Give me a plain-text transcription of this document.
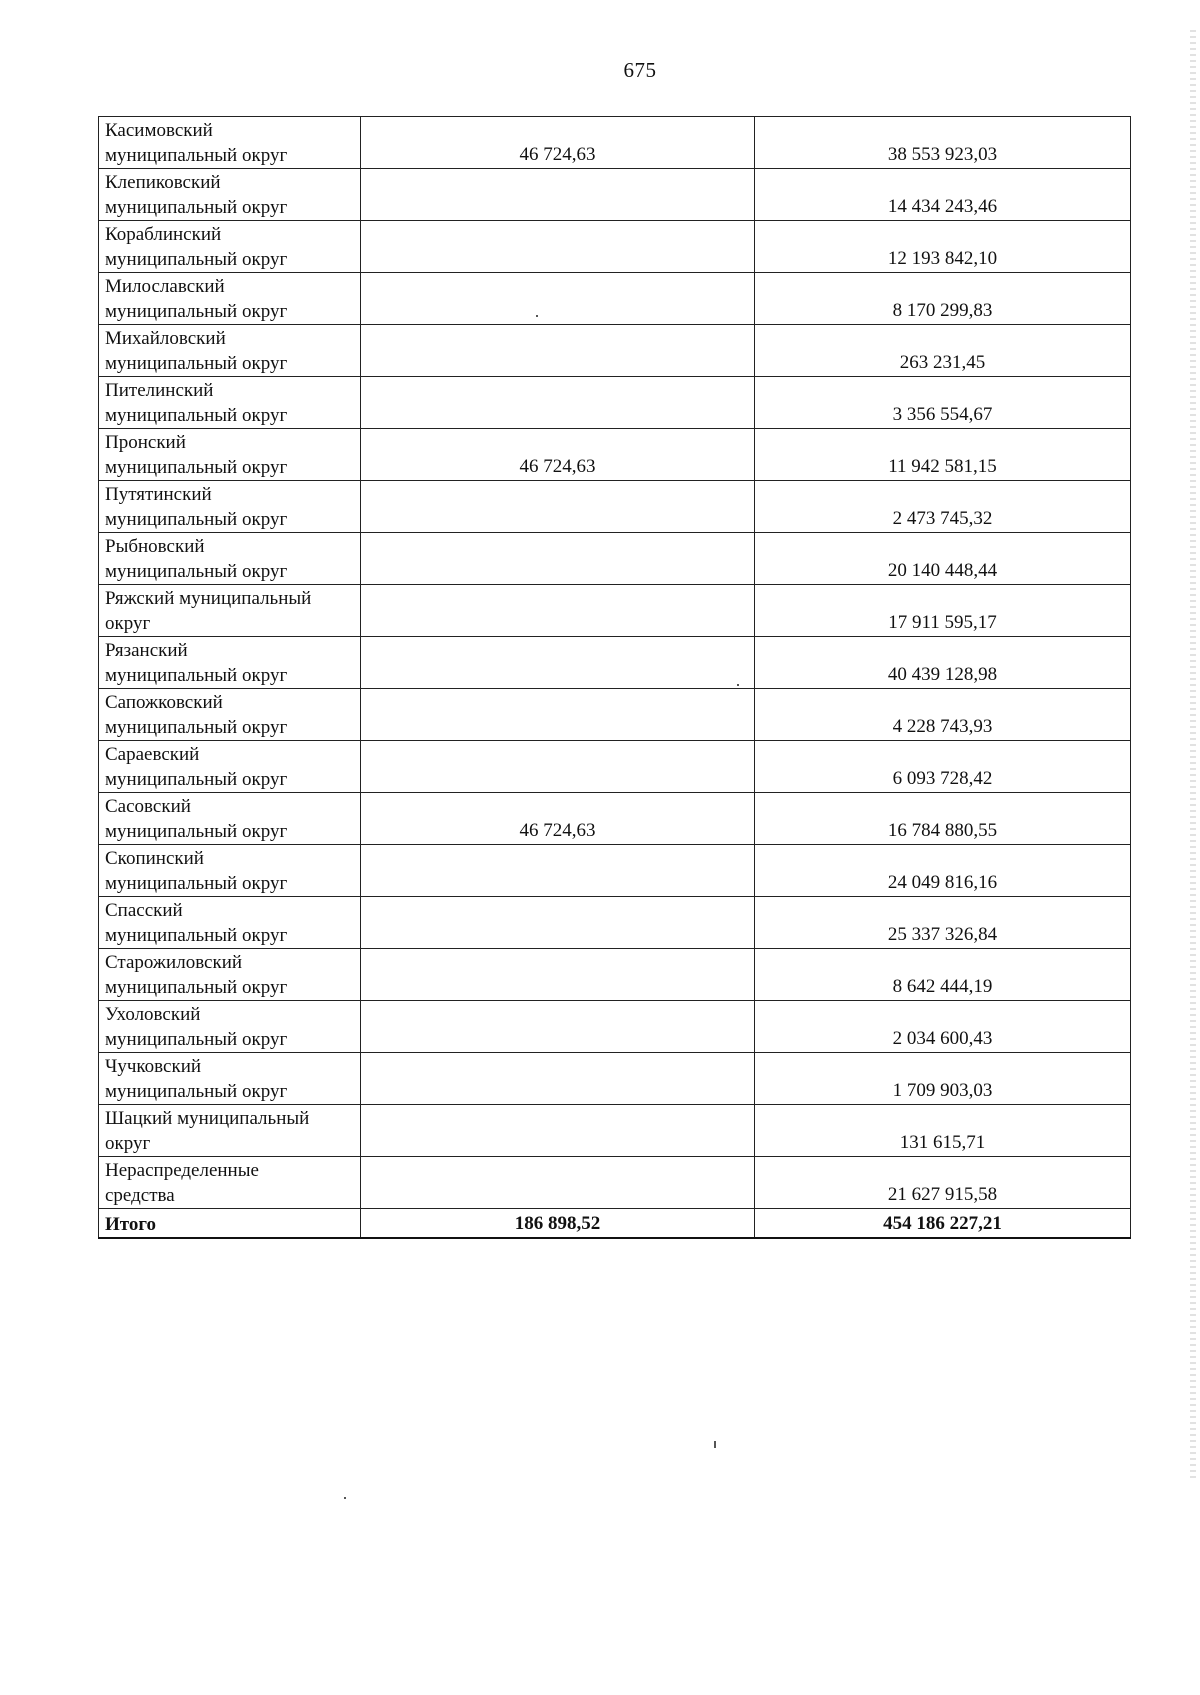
675
Касимовский
муниципальный округ	46 724,63	38 553 923,03

Клепиковский
муниципальный округ		14 434 243,46

Кораблинский
муниципальный округ		12 193 842,10

Милославский
муниципальный округ		8 170 299,83

Михайловский
муниципальный округ		263 231,45

Пителинский
муниципальный округ		3 356 554,67

Пронский
муниципальный округ	46 724,63	11 942 581,15

Путятинский
муниципальный округ		2 473 745,32

Рыбновский
муниципальный округ		20 140 448,44

Ряжский муниципальный
округ		17 911 595,17

Рязанский
муниципальный округ		40 439 128,98

Сапожковский
муниципальный округ		4 228 743,93

Сараевский
муниципальный округ		6 093 728,42

Сасовский
муниципальный округ	46 724,63	16 784 880,55

Скопинский
муниципальный округ		24 049 816,16

Спасский
муниципальный округ		25 337 326,84

Старожиловский
муниципальный округ		8 642 444,19

Ухоловский
муниципальный округ		2 034 600,43

Чучковский
муниципальный округ		1 709 903,03

Шацкий муниципальный
округ		131 615,71

Нераспределенные
средства		21 627 915,58
Итого	186 898,52	454 186 227,21
